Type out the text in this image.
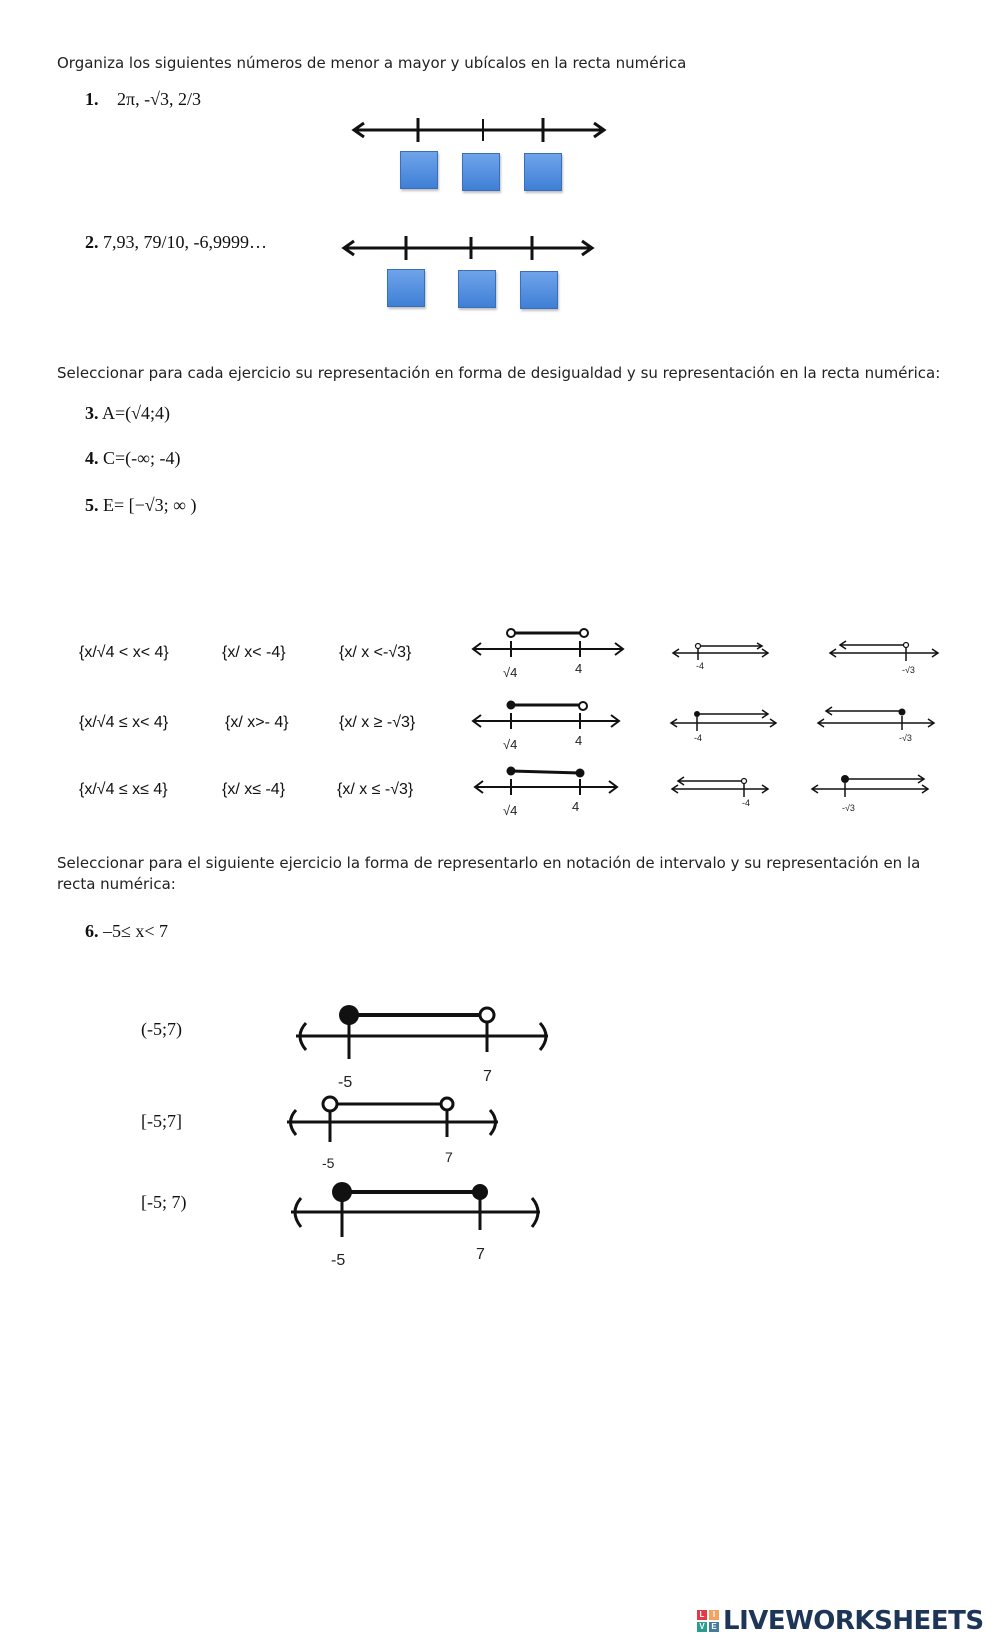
Organiza los siguientes números de menor a mayor y ubícalos en la recta numérica
1. 2π, -√3, 2/3
2. 7,93, 79/10, -6,9999…
Seleccionar para cada ejercicio su representación en forma de desigualdad y su representación en la recta numérica:
3. A=(√4;4)
4. C=(-∞; -4)
5. E= [−√3; ∞ )
{x/√4 < x< 4}	{x/ x< -4}	{x/ x <-√3}
{x/√4 ≤ x< 4}	{x/ x>- 4}	{x/ x ≥ -√3}
{x/√4 ≤ x≤ 4}	{x/ x≤ -4}	{x/ x ≤ -√3}
√4	4	-4	-√3
√4	4	-4	-√3
√4	4	-4	-√3
Seleccionar para el siguiente ejercicio la forma de representarlo en notación de intervalo y su representación en la
recta numérica:
6. –5≤ x< 7
(-5;7)
[-5;7]
[-5; 7)
-5	7
-5	7
-5	7
L	I
V E LIVEWORKSHEETS
